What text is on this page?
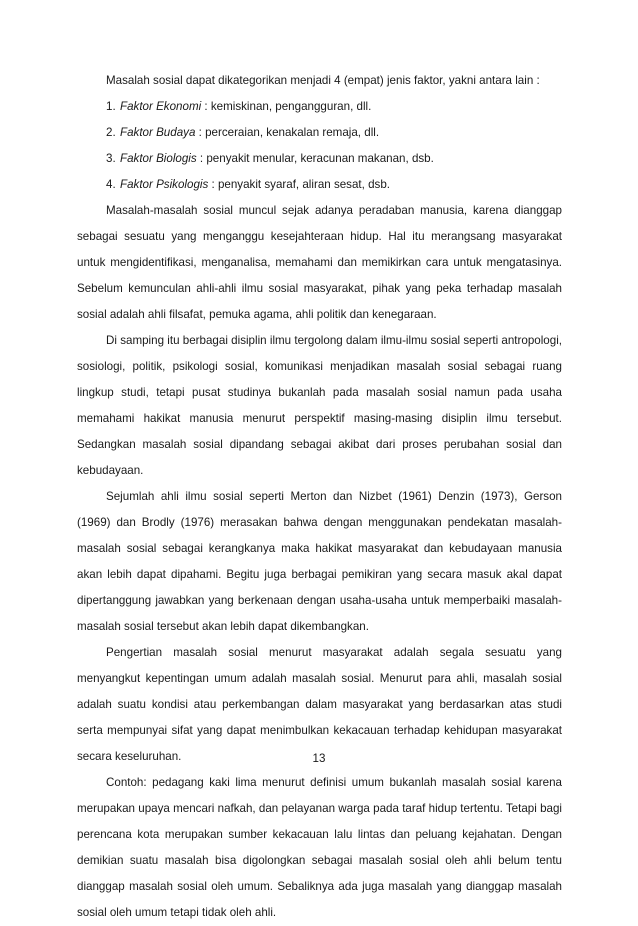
Masalah sosial dapat dikategorikan menjadi 4 (empat) jenis faktor, yakni antara lain :

1. Faktor Ekonomi : kemiskinan, pengangguran, dll.
2. Faktor Budaya : perceraian, kenakalan remaja, dll.
3. Faktor Biologis : penyakit menular, keracunan makanan, dsb.
4. Faktor Psikologis : penyakit syaraf, aliran sesat, dsb.

Masalah-masalah sosial muncul sejak adanya peradaban manusia, karena dianggap sebagai sesuatu yang menganggu kesejahteraan hidup. Hal itu merangsang masyarakat untuk mengidentifikasi, menganalisa, memahami dan memikirkan cara untuk mengatasinya. Sebelum kemunculan ahli-ahli ilmu sosial masyarakat, pihak yang peka terhadap masalah sosial adalah ahli filsafat, pemuka agama, ahli politik dan kenegaraan.

Di samping itu berbagai disiplin ilmu tergolong dalam ilmu-ilmu sosial seperti antropologi, sosiologi, politik, psikologi sosial, komunikasi menjadikan masalah sosial sebagai ruang lingkup studi, tetapi pusat studinya bukanlah pada masalah sosial namun pada usaha memahami hakikat manusia menurut perspektif masing-masing disiplin ilmu tersebut. Sedangkan masalah sosial dipandang sebagai akibat dari proses perubahan sosial dan kebudayaan.

Sejumlah ahli ilmu sosial seperti Merton dan Nizbet (1961) Denzin (1973), Gerson (1969) dan Brodly (1976) merasakan bahwa dengan menggunakan pendekatan masalah-masalah sosial sebagai kerangkanya maka hakikat masyarakat dan kebudayaan manusia akan lebih dapat dipahami. Begitu juga berbagai pemikiran yang secara masuk akal dapat dipertanggung jawabkan yang berkenaan dengan usaha-usaha untuk memperbaiki masalah-masalah sosial tersebut akan lebih dapat dikembangkan.

Pengertian masalah sosial menurut masyarakat adalah segala sesuatu yang menyangkut kepentingan umum adalah masalah sosial. Menurut para ahli, masalah sosial adalah suatu kondisi atau perkembangan dalam masyarakat yang berdasarkan atas studi serta mempunyai sifat yang dapat menimbulkan kekacauan terhadap kehidupan masyarakat secara keseluruhan.

Contoh: pedagang kaki lima menurut definisi umum bukanlah masalah sosial karena merupakan upaya mencari nafkah, dan pelayanan warga pada taraf hidup tertentu. Tetapi bagi perencana kota merupakan sumber kekacauan lalu lintas dan peluang kejahatan. Dengan demikian suatu masalah bisa digolongkan sebagai masalah sosial oleh ahli belum tentu dianggap masalah sosial oleh umum. Sebaliknya ada juga masalah yang dianggap masalah sosial oleh umum tetapi tidak oleh ahli.

13
